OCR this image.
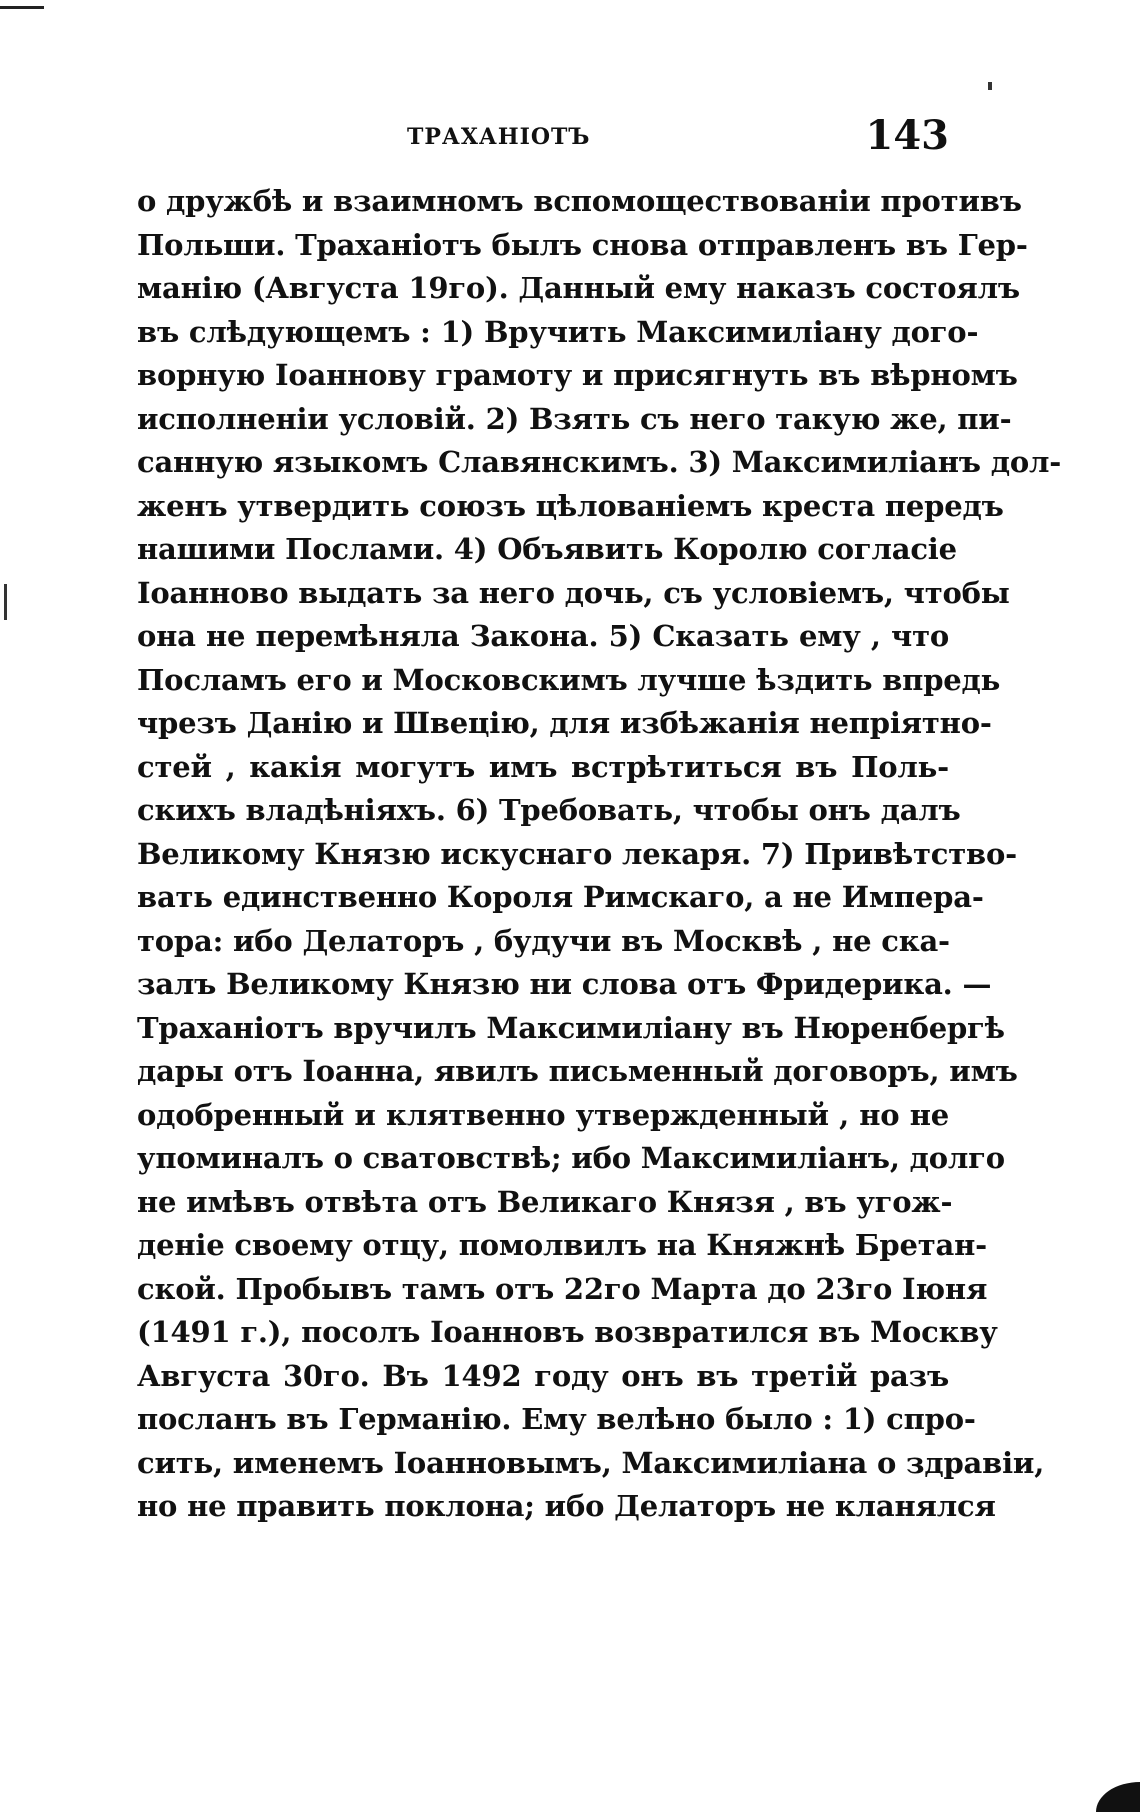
ТРАХАНІОТЪ	143
о дружбѣ и взаимномъ вспомоществованіи противъ
Польши. Траханіотъ былъ снова отправленъ въ Гер-
манію (Августа 19го). Данный ему наказъ состоялъ
въ слѣдующемъ : 1) Вручить Максимиліану дого-
ворную Іоаннову грамоту и присягнуть въ вѣрномъ
исполненіи условій. 2) Взять съ него такую же, пи-
санную языкомъ Славянскимъ. 3) Максимиліанъ дол-
женъ утвердить союзъ цѣлованіемъ креста передъ
нашими Послами. 4) Объявить Королю согласіе
Іоанново выдать за него дочь, съ условіемъ, чтобы
она не перемѣняла Закона. 5) Сказать ему , что
Посламъ его и Московскимъ лучше ѣздить впредь
чрезъ Данію и Швецію, для избѣжанія непріятно-
стей , какія могутъ имъ встрѣтиться въ Поль-
скихъ владѣніяхъ. 6) Требовать, чтобы онъ далъ
Великому Князю искуснаго лекаря. 7) Привѣтство-
вать единственно Короля Римскаго, а не Импера-
тора: ибо Делаторъ , будучи въ Москвѣ , не ска-
залъ Великому Князю ни слова отъ Фридерика. —
Траханіотъ вручилъ Максимиліану въ Нюренбергѣ
дары отъ Іоанна, явилъ письменный договоръ, имъ
одобренный и клятвенно утвержденный , но не
упоминалъ о сватовствѣ; ибо Максимиліанъ, долго
не имѣвъ отвѣта отъ Великаго Князя , въ угож-
деніе своему отцу, помолвилъ на Княжнѣ Бретан-
ской. Пробывъ тамъ отъ 22го Марта до 23го Іюня
(1491 г.), посолъ Іоанновъ возвратился въ Москву
Августа 30го. Въ 1492 году онъ въ третій разъ
посланъ въ Германію. Ему велѣно было : 1) спро-
сить, именемъ Іоанновымъ, Максимиліана о здравіи,
но не править поклона; ибо Делаторъ не кланялся
